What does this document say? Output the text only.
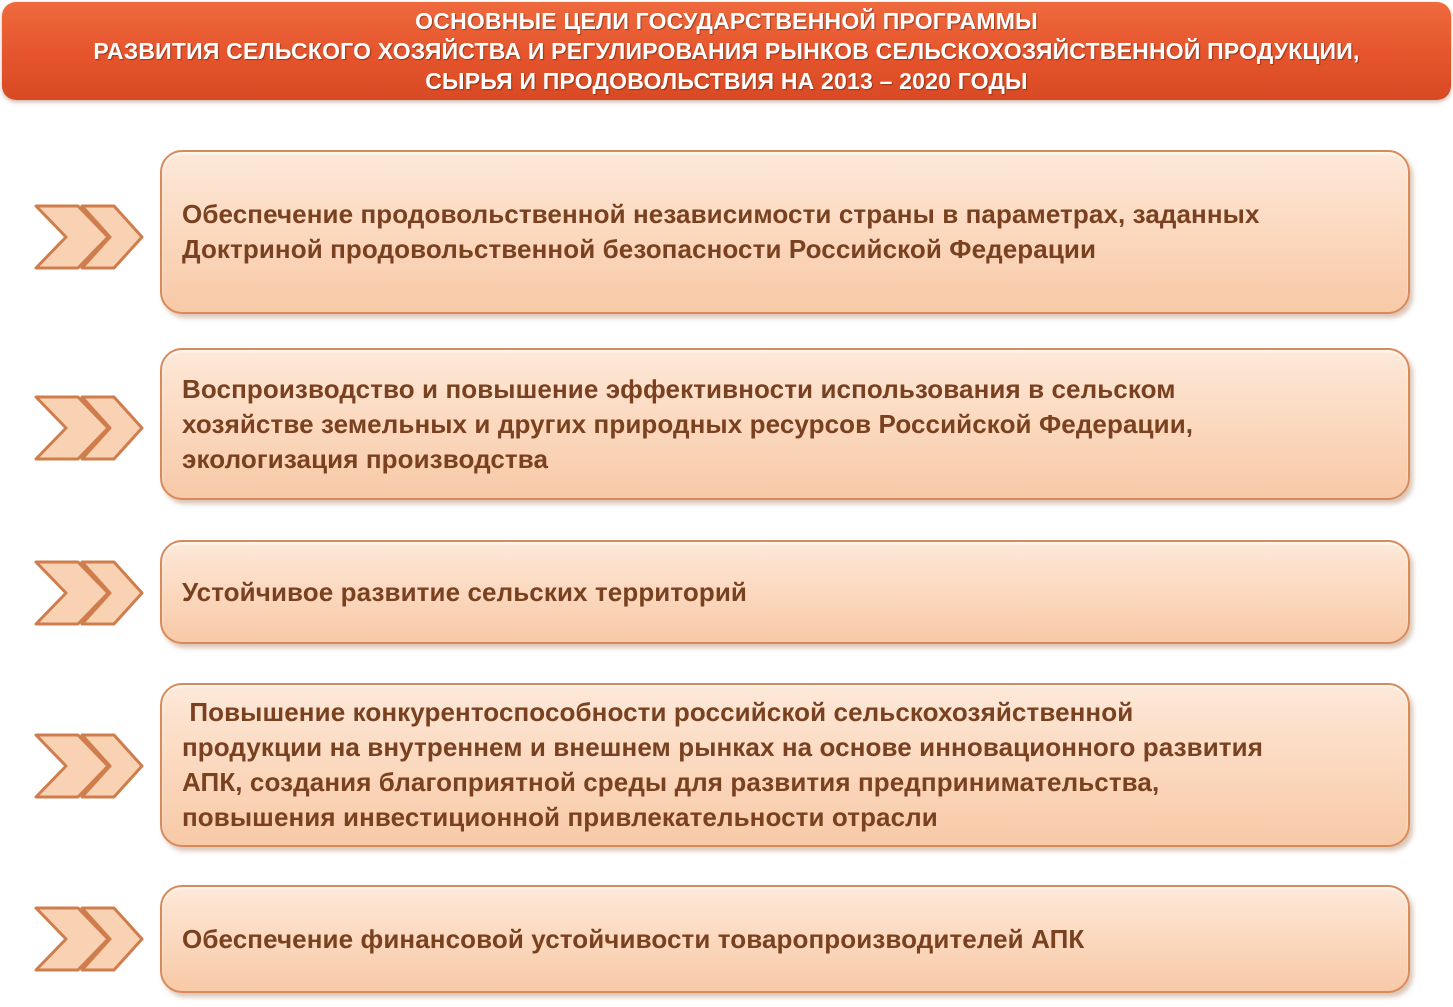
ОСНОВНЫЕ ЦЕЛИ ГОСУДАРСТВЕННОЙ ПРОГРАММЫ
РАЗВИТИЯ СЕЛЬСКОГО ХОЗЯЙСТВА И РЕГУЛИРОВАНИЯ РЫНКОВ СЕЛЬСКОХОЗЯЙСТВЕННОЙ ПРОДУКЦИИ,
СЫРЬЯ И ПРОДОВОЛЬСТВИЯ НА 2013 – 2020 ГОДЫ
Обеспечение продовольственной независимости страны в параметрах, заданных
Доктриной продовольственной безопасности Российской Федерации
Воспроизводство и повышение эффективности использования в сельском
хозяйстве земельных и других природных ресурсов Российской Федерации,
экологизация производства
Устойчивое развитие сельских территорий
Повышение конкурентоспособности российской сельскохозяйственной
продукции на внутреннем и внешнем рынках на основе инновационного развития
АПК, создания благоприятной среды для развития предпринимательства,
повышения инвестиционной привлекательности отрасли
Обеспечение финансовой устойчивости товаропроизводителей АПК
